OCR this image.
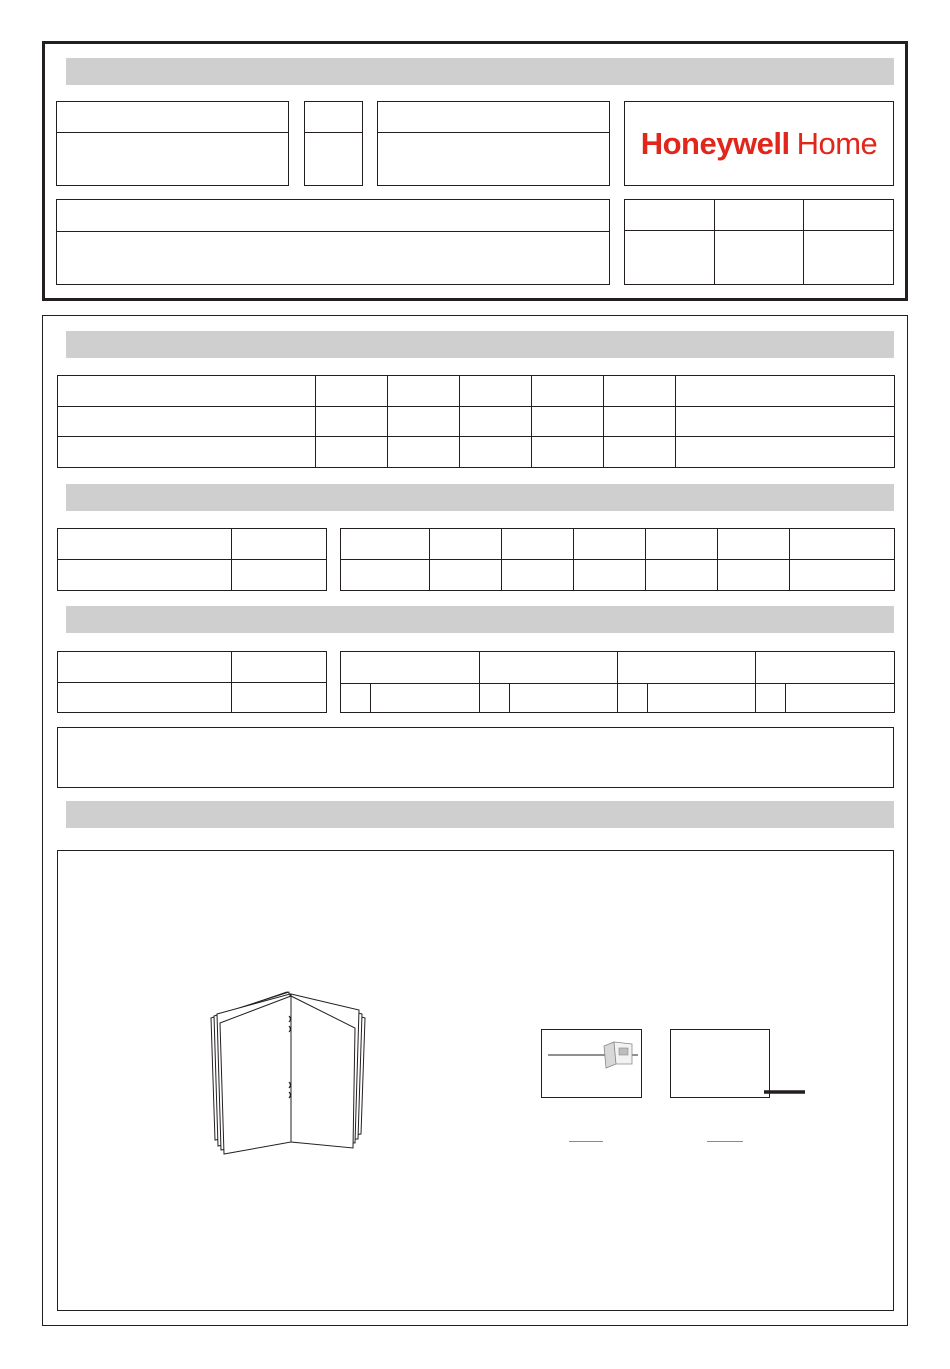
Honeywell Home
